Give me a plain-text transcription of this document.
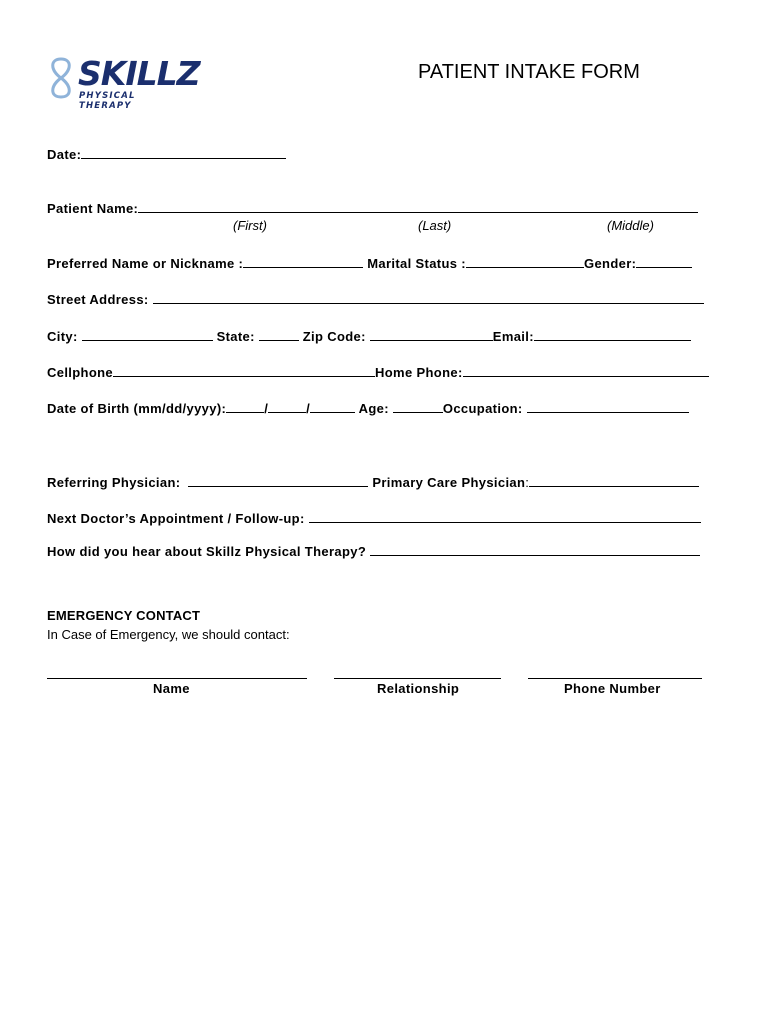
SKILLZ
PHYSICAL THERAPY
PATIENT INTAKE FORM
Date:
Patient Name:
(First)	(Last)	(Middle)
Preferred Name or Nickname :	Marital Status :	Gender:
Street Address:
City:	State:	Zip Code:	Email:
Cellphone	Home Phone:
Date of Birth (mm/dd/yyyy):	/	/	Age:	Occupation:
Referring Physician:	Primary Care Physician:
Next Doctor’s Appointment / Follow-up:
How did you hear about Skillz Physical Therapy?
EMERGENCY CONTACT
In Case of Emergency, we should contact:
Name	Relationship	Phone Number
